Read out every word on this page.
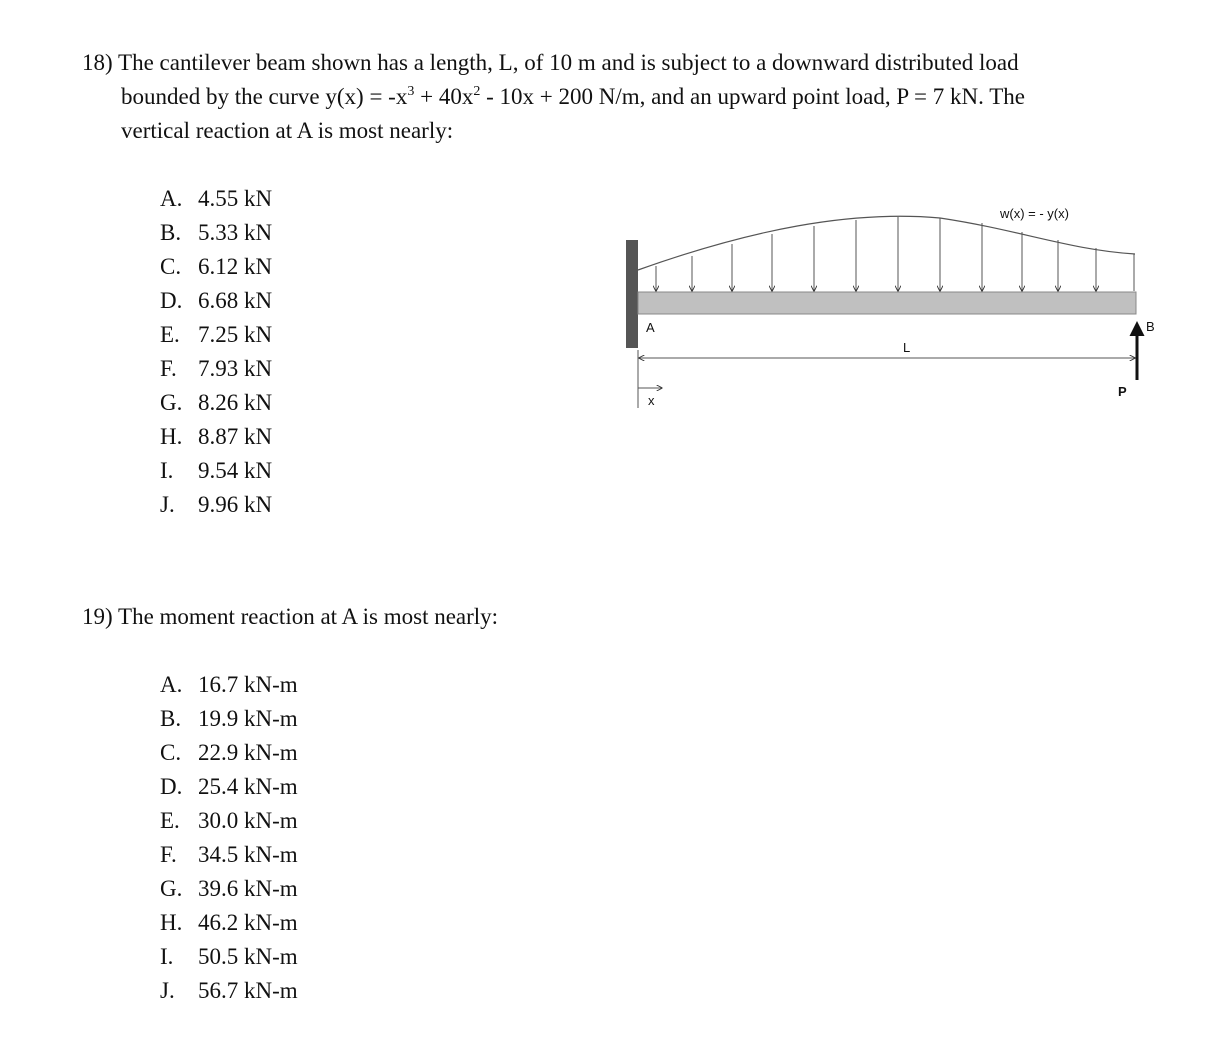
18) The cantilever beam shown has a length, L, of 10 m and is subject to a downward distributed load
bounded by the curve $y(x) = -x^3 + 40x^2 - 10x + 200$ N/m, and an upward point load, P = 7 kN. The
vertical reaction at A is most nearly:
A. 4.55 kN
B. 5.33 kN
C. 6.12 kN
D. 6.68 kN
E. 7.25 kN
F. 7.93 kN
G. 8.26 kN
H. 8.87 kN
I. 9.54 kN
J. 9.96 kN
19) The moment reaction at A is most nearly:
A. 16.7 kN-m
B. 19.9 kN-m
C. 22.9 kN-m
D. 25.4 kN-m
E. 30.0 kN-m
F. 34.5 kN-m
G. 39.6 kN-m
H. 46.2 kN-m
I. 50.5 kN-m
J. 56.7 kN-m
w(x) = - y(x)
A	B
L
x
P
